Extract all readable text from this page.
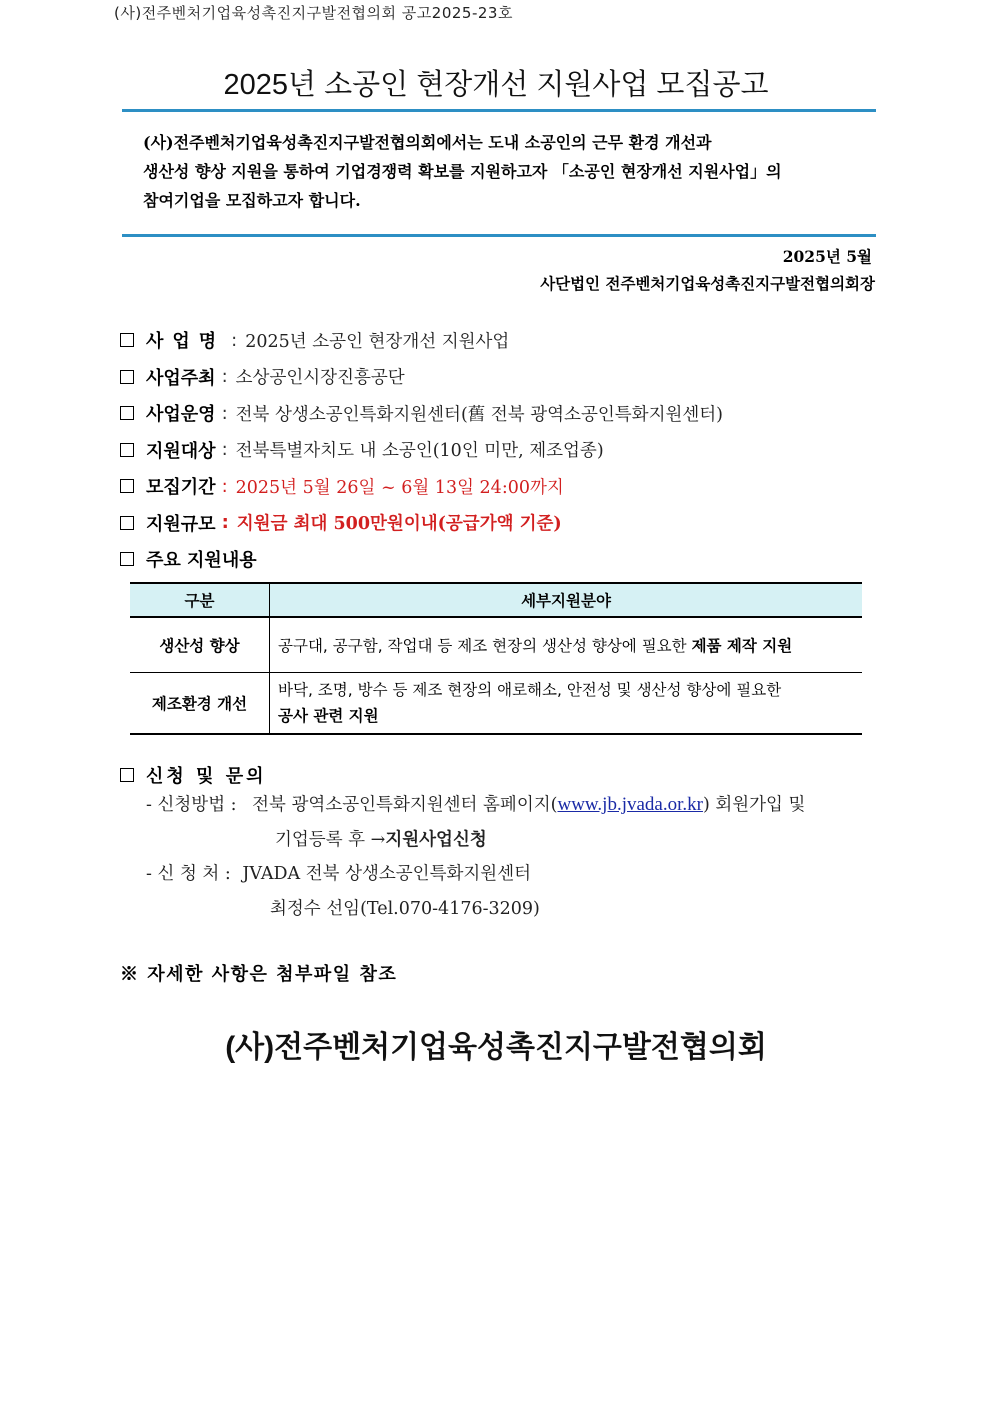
(사)전주벤처기업육성촉진지구발전협의회 공고2025-23호
2025년 소공인 현장개선 지원사업 모집공고
(사)전주벤처기업육성촉진지구발전협의회에서는 도내 소공인의 근무 환경 개선과
생산성 향상 지원을 통하여 기업경쟁력 확보를 지원하고자 「소공인 현장개선 지원사업」의
참여기업을 모집하고자 합니다.
2025년 5월
사단법인 전주벤처기업육성촉진지구발전협의회장
사업명 : 2025년 소공인 현장개선 지원사업
사업주최 : 소상공인시장진흥공단
사업운영 : 전북 상생소공인특화지원센터(舊 전북 광역소공인특화지원센터)
지원대상 : 전북특별자치도 내 소공인(10인 미만, 제조업종)
모집기간 : 2025년 5월 26일 ~ 6월 13일 24:00까지
지원규모 : 지원금 최대 500만원이내(공급가액 기준)
주요 지원내용
구분	세부지원분야
생산성 향상	공구대, 공구함, 작업대 등 제조 현장의 생산성 향상에 필요한 제품 제작 지원
제조환경 개선	바닥, 조명, 방수 등 제조 현장의 애로해소, 안전성 및 생산성 향상에 필요한
공사 관련 지원
신청 및 문의
- 신청방법 : 전북 광역소공인특화지원센터 홈페이지(www.jb.jvada.or.kr) 회원가입 및
기업등록 후 →지원사업신청
- 신 청 처 : JVADA 전북 상생소공인특화지원센터
최정수 선임(Tel.070-4176-3209)
※ 자세한 사항은 첨부파일 참조
(사)전주벤처기업육성촉진지구발전협의회
